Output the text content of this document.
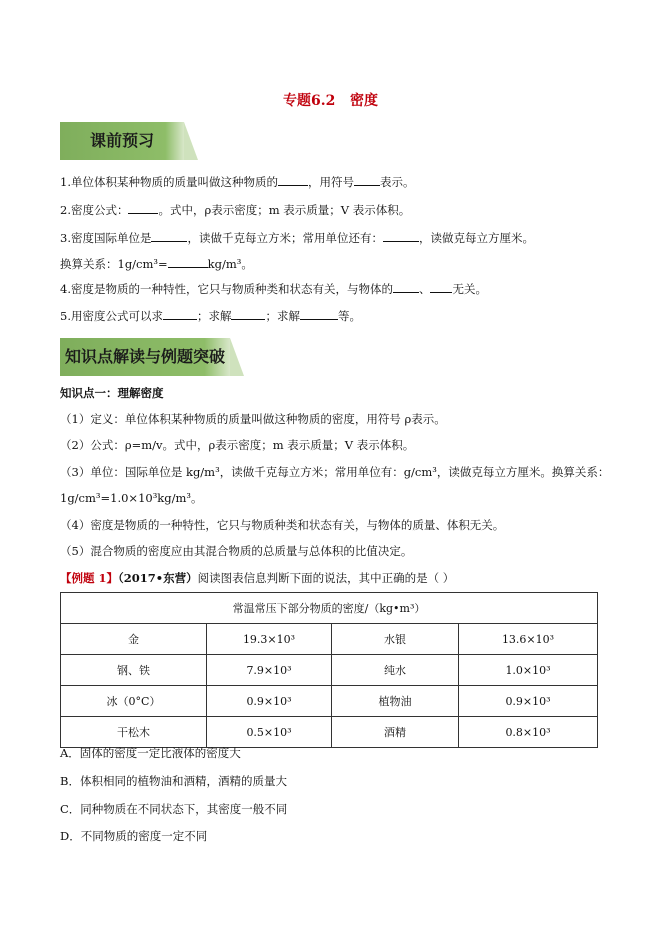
专题6.2   密度
课前预习
1.单位体积某种物质的质量叫做这种物质的	，用符号 表示。
2.密度公式：	。式中，ρ表示密度；m 表示质量；V 表示体积。
3.密度国际单位是	，读做千克每立方米；常用单位还有：	，读做克每立方厘米。
换算关系：1g/cm³=	kg/m³。
4.密度是物质的一种特性，它只与物质种类和状态有关，与物体的 、 无关。
5.用密度公式可以求	；求解	；求解	等。
知识点解读与例题突破
知识点一：理解密度
（1）定义：单位体积某种物质的质量叫做这种物质的密度，用符号 ρ表示。
（2）公式：ρ=m/v。式中，ρ表示密度；m 表示质量；V 表示体积。
（3）单位：国际单位是 kg/m³，读做千克每立方米；常用单位有：g/cm³，读做克每立方厘米。换算关系：
1g/cm³=1.0×10³kg/m³。
（4）密度是物质的一种特性，它只与物质种类和状态有关，与物体的质量、体积无关。
（5）混合物质的密度应由其混合物质的总质量与总体积的比值决定。
【例题 1】（2017•东营）阅读图表信息判断下面的说法，其中正确的是（ ）
常温常压下部分物质的密度/（kg•m³）			
金	19.3×10³	水银	13.6×10³
钢、铁	7.9×10³	纯水	1.0×10³
冰（0°C）	0.9×10³	植物油	0.9×10³
干松木	0.5×10³	酒精	0.8×10³
A．固体的密度一定比液体的密度大
B．体积相同的植物油和酒精，酒精的质量大
C．同种物质在不同状态下，其密度一般不同
D．不同物质的密度一定不同
